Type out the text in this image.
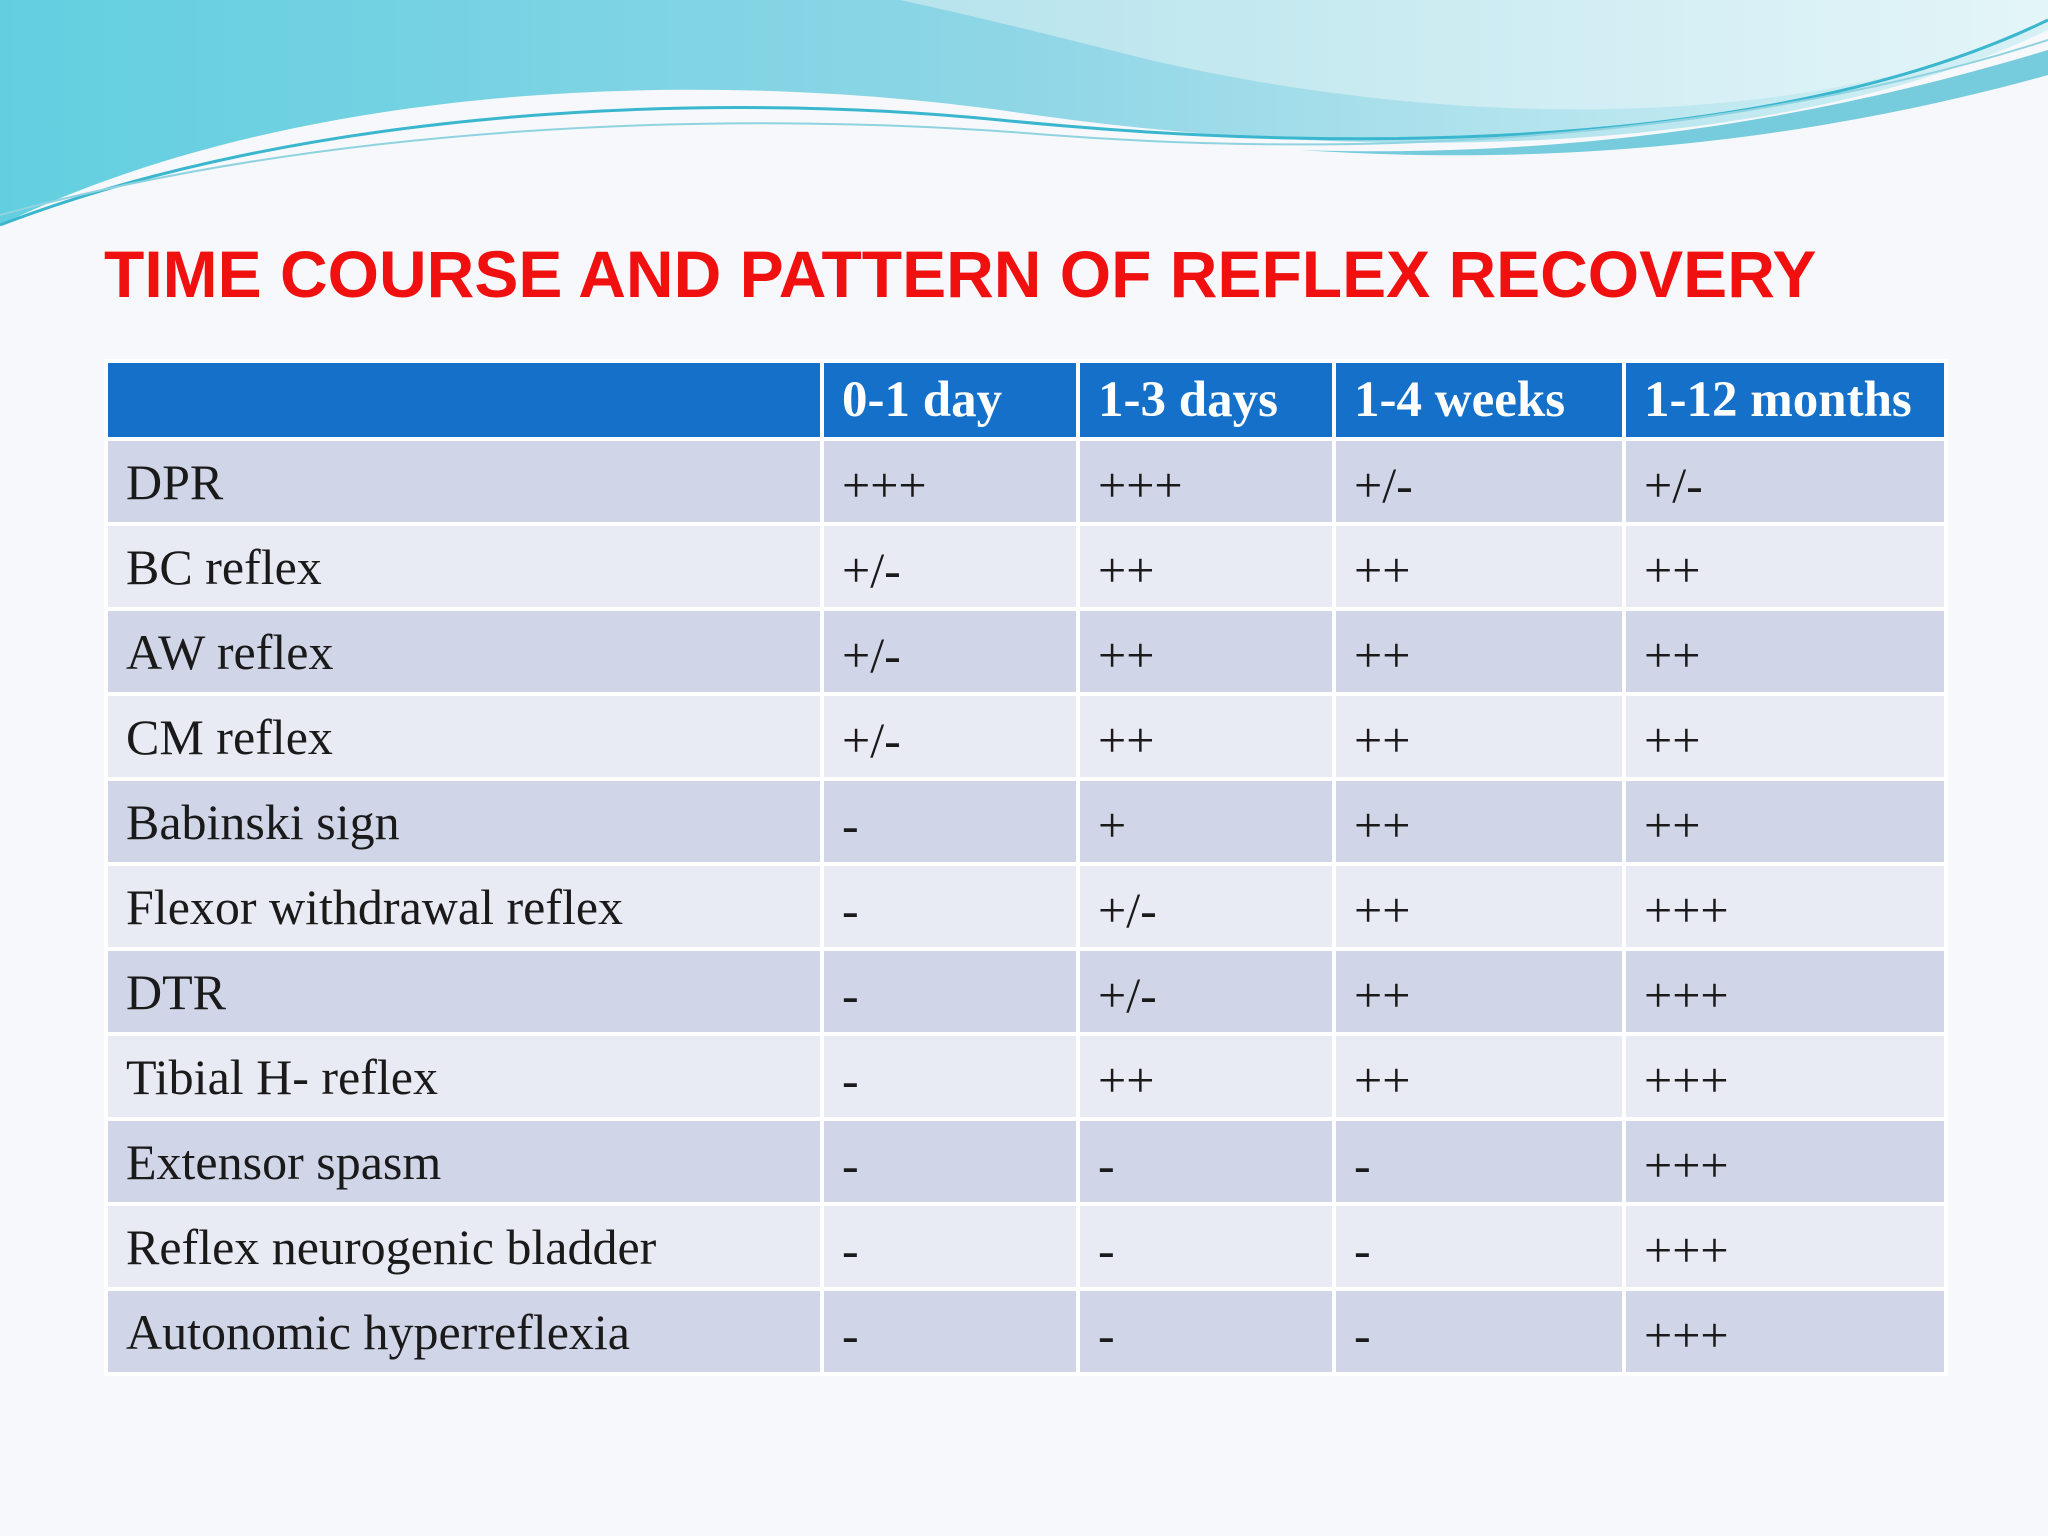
TIME COURSE AND PATTERN OF REFLEX RECOVERY
	0-1 day	1-3 days	1-4 weeks	1-12 months
DPR	+++	+++	+/-	+/-
BC reflex	+/-	++	++	++
AW reflex	+/-	++	++	++
CM reflex	+/-	++	++	++
Babinski sign	-	+	++	++
Flexor withdrawal reflex	-	+/-	++	+++
DTR	-	+/-	++	+++
Tibial H- reflex	-	++	++	+++
Extensor spasm	-	-	-	+++
Reflex neurogenic bladder	-	-	-	+++
Autonomic hyperreflexia	-	-	-	+++
